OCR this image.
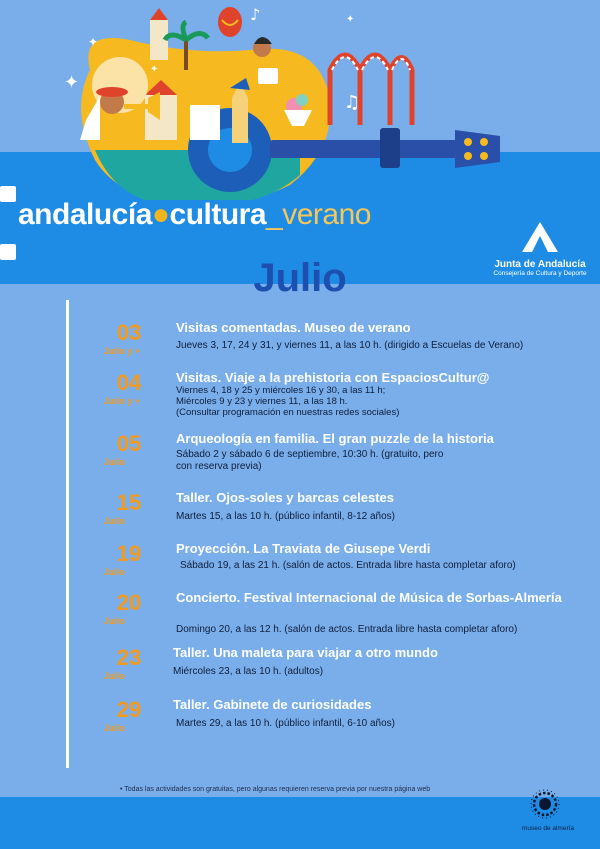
♪
♫
✦
✦
✦
✦
andalucía●cultura_verano
Junta de Andalucía
Consejería de Cultura y Deporte
Julio
03
Julio y +
Visitas comentadas. Museo de verano
Jueves 3, 17, 24 y 31, y viernes 11, a las 10 h. (dirigido a Escuelas de Verano)
04
Julio y +
Visitas. Viaje a la prehistoria con EspaciosCultur@
Viernes 4, 18 y 25 y miércoles 16 y 30, a las 11 h;
Miércoles 9 y 23 y viernes 11, a las 18 h.
(Consultar programación en nuestras redes sociales)
05
Julio
Arqueología en familia. El gran puzzle de la historia
Sábado 2 y sábado 6 de septiembre, 10:30 h. (gratuito, pero
con reserva previa)
15
Julio
Taller. Ojos-soles y barcas celestes
Martes 15, a las 10 h. (público infantil, 8-12 años)
19
Julio
Proyección. La Traviata de Giusepe Verdi
Sábado 19, a las 21 h. (salón de actos. Entrada libre hasta completar aforo)
20
Julio
Concierto. Festival Internacional de Música de Sorbas-Almería
Domingo 20, a las 12 h. (salón de actos. Entrada libre hasta completar aforo)
23
Julio
Taller. Una maleta para viajar a otro mundo
Miércoles 23, a las 10 h. (adultos)
29
Julio
Taller. Gabinete de curiosidades
Martes 29, a las 10 h. (público infantil, 6-10 años)
• Todas las actividades son gratuitas, pero algunas requieren reserva previa por nuestra página web
museo de almería
